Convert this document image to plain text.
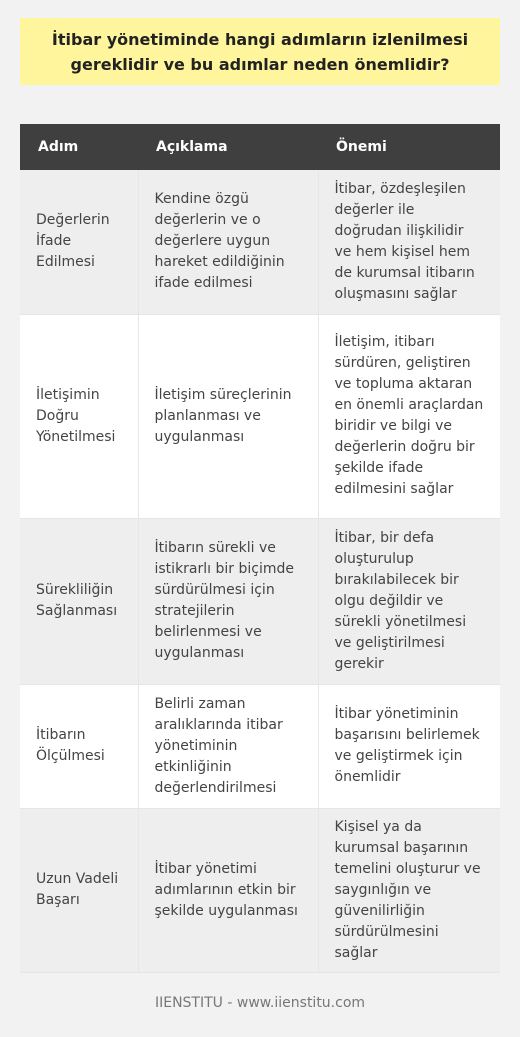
İtibar yönetiminde hangi adımların izlenilmesi gereklidir ve bu adımlar neden önemlidir?
Adım	Açıklama	Önemi
Değerlerin İfade Edilmesi	Kendine özgü değerlerin ve o değerlere uygun hareket edildiğinin ifade edilmesi	İtibar, özdeşleşilen değerler ile doğrudan ilişkilidir ve hem kişisel hem de kurumsal itibarın oluşmasını sağlar
İletişimin Doğru Yönetilmesi	İletişim süreçlerinin planlanması ve uygulanması	İletişim, itibarı sürdüren, geliştiren ve topluma aktaran en önemli araçlardan biridir ve bilgi ve değerlerin doğru bir şekilde ifade edilmesini sağlar
Sürekliliğin Sağlanması	İtibarın sürekli ve istikrarlı bir biçimde sürdürülmesi için stratejilerin belirlenmesi ve uygulanması	İtibar, bir defa oluşturulup bırakılabilecek bir olgu değildir ve sürekli yönetilmesi ve geliştirilmesi gerekir
İtibarın Ölçülmesi	Belirli zaman aralıklarında itibar yönetiminin etkinliğinin değerlendirilmesi	İtibar yönetiminin başarısını belirlemek ve geliştirmek için önemlidir
Uzun Vadeli Başarı	İtibar yönetimi adımlarının etkin bir şekilde uygulanması	Kişisel ya da kurumsal başarının temelini oluşturur ve saygınlığın ve güvenilirliğin sürdürülmesini sağlar
IIENSTITU - www.iienstitu.com
